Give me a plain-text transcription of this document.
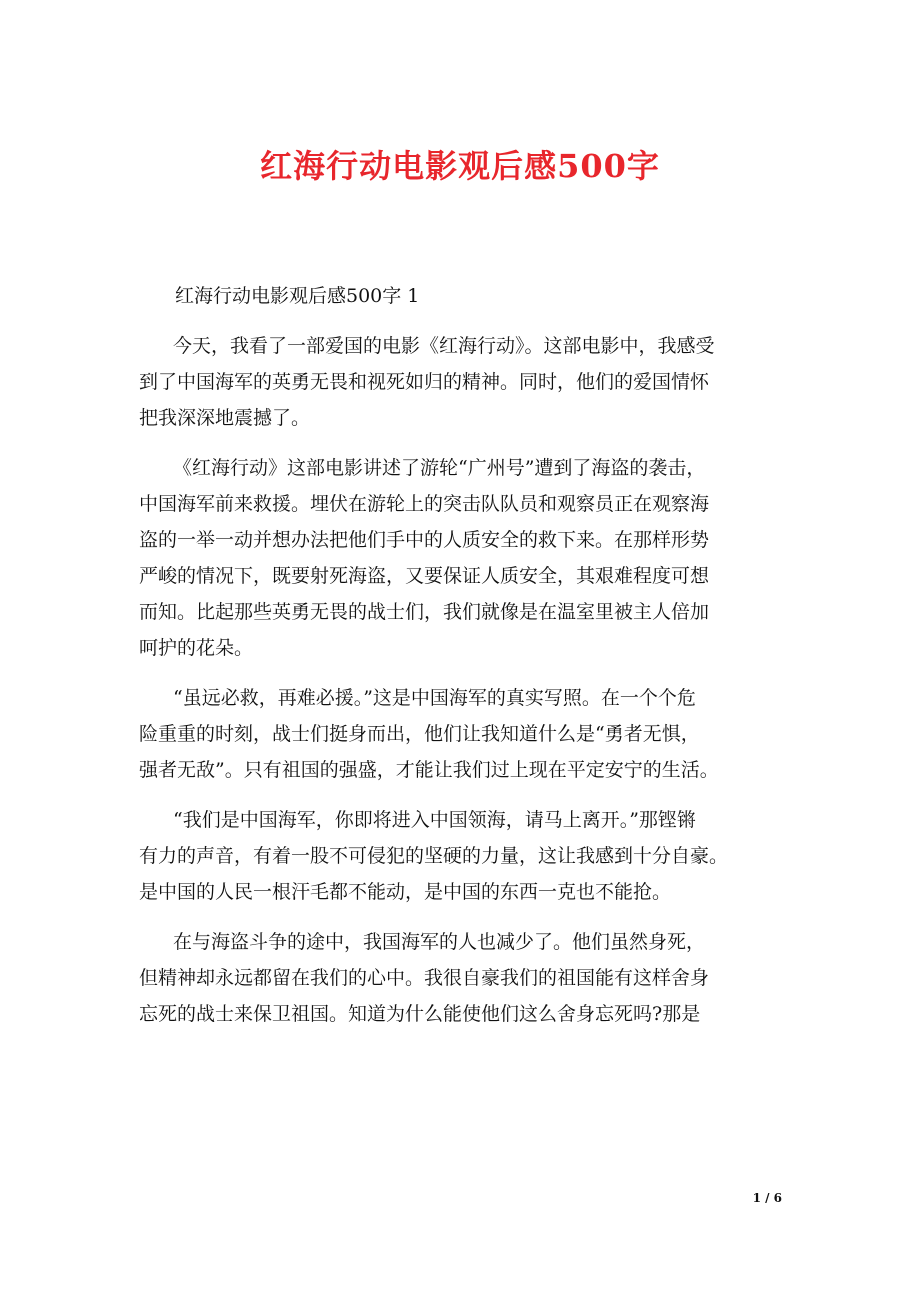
红海行动电影观后感500字

红海行动电影观后感500字 1

今天，我看了一部爱国的电影《红海行动》。这部电影中，我感受
到了中国海军的英勇无畏和视死如归的精神。同时，他们的爱国情怀
把我深深地震撼了。
《红海行动》这部电影讲述了游轮“广州号”遭到了海盗的袭击，
中国海军前来救援。埋伏在游轮上的突击队队员和观察员正在观察海
盗的一举一动并想办法把他们手中的人质安全的救下来。在那样形势
严峻的情况下，既要射死海盗，又要保证人质安全，其艰难程度可想
而知。比起那些英勇无畏的战士们，我们就像是在温室里被主人倍加
呵护的花朵。
“虽远必救，再难必援。”这是中国海军的真实写照。在一个个危
险重重的时刻，战士们挺身而出，他们让我知道什么是“勇者无惧，
强者无敌”。只有祖国的强盛，才能让我们过上现在平定安宁的生活。
“我们是中国海军，你即将进入中国领海，请马上离开。”那铿锵
有力的声音，有着一股不可侵犯的坚硬的力量，这让我感到十分自豪。
是中国的人民一根汗毛都不能动，是中国的东西一克也不能抢。
在与海盗斗争的途中，我国海军的人也减少了。他们虽然身死，
但精神却永远都留在我们的心中。我很自豪我们的祖国能有这样舍身
忘死的战士来保卫祖国。知道为什么能使他们这么舍身忘死吗?那是
1 / 6
